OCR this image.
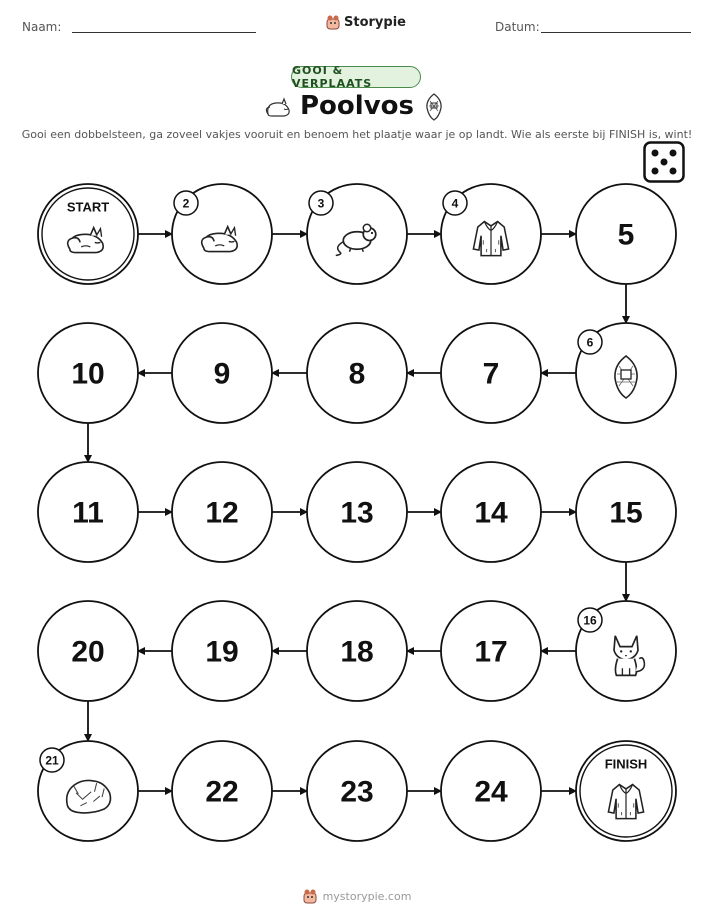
Naam:	Storypie	Datum:
GOOI & VERPLAATS
Poolvos
Gooi een dobbelsteen, ga zoveel vakjes vooruit en benoem het plaatje waar je op landt. Wie als eerste bij FINISH is, wint!
START	2	3	4
5
6
7
8
9
10
11	12	13	14	15
16
17
18
19
20
21
22	23	24
FINISH
mystorypie.com
